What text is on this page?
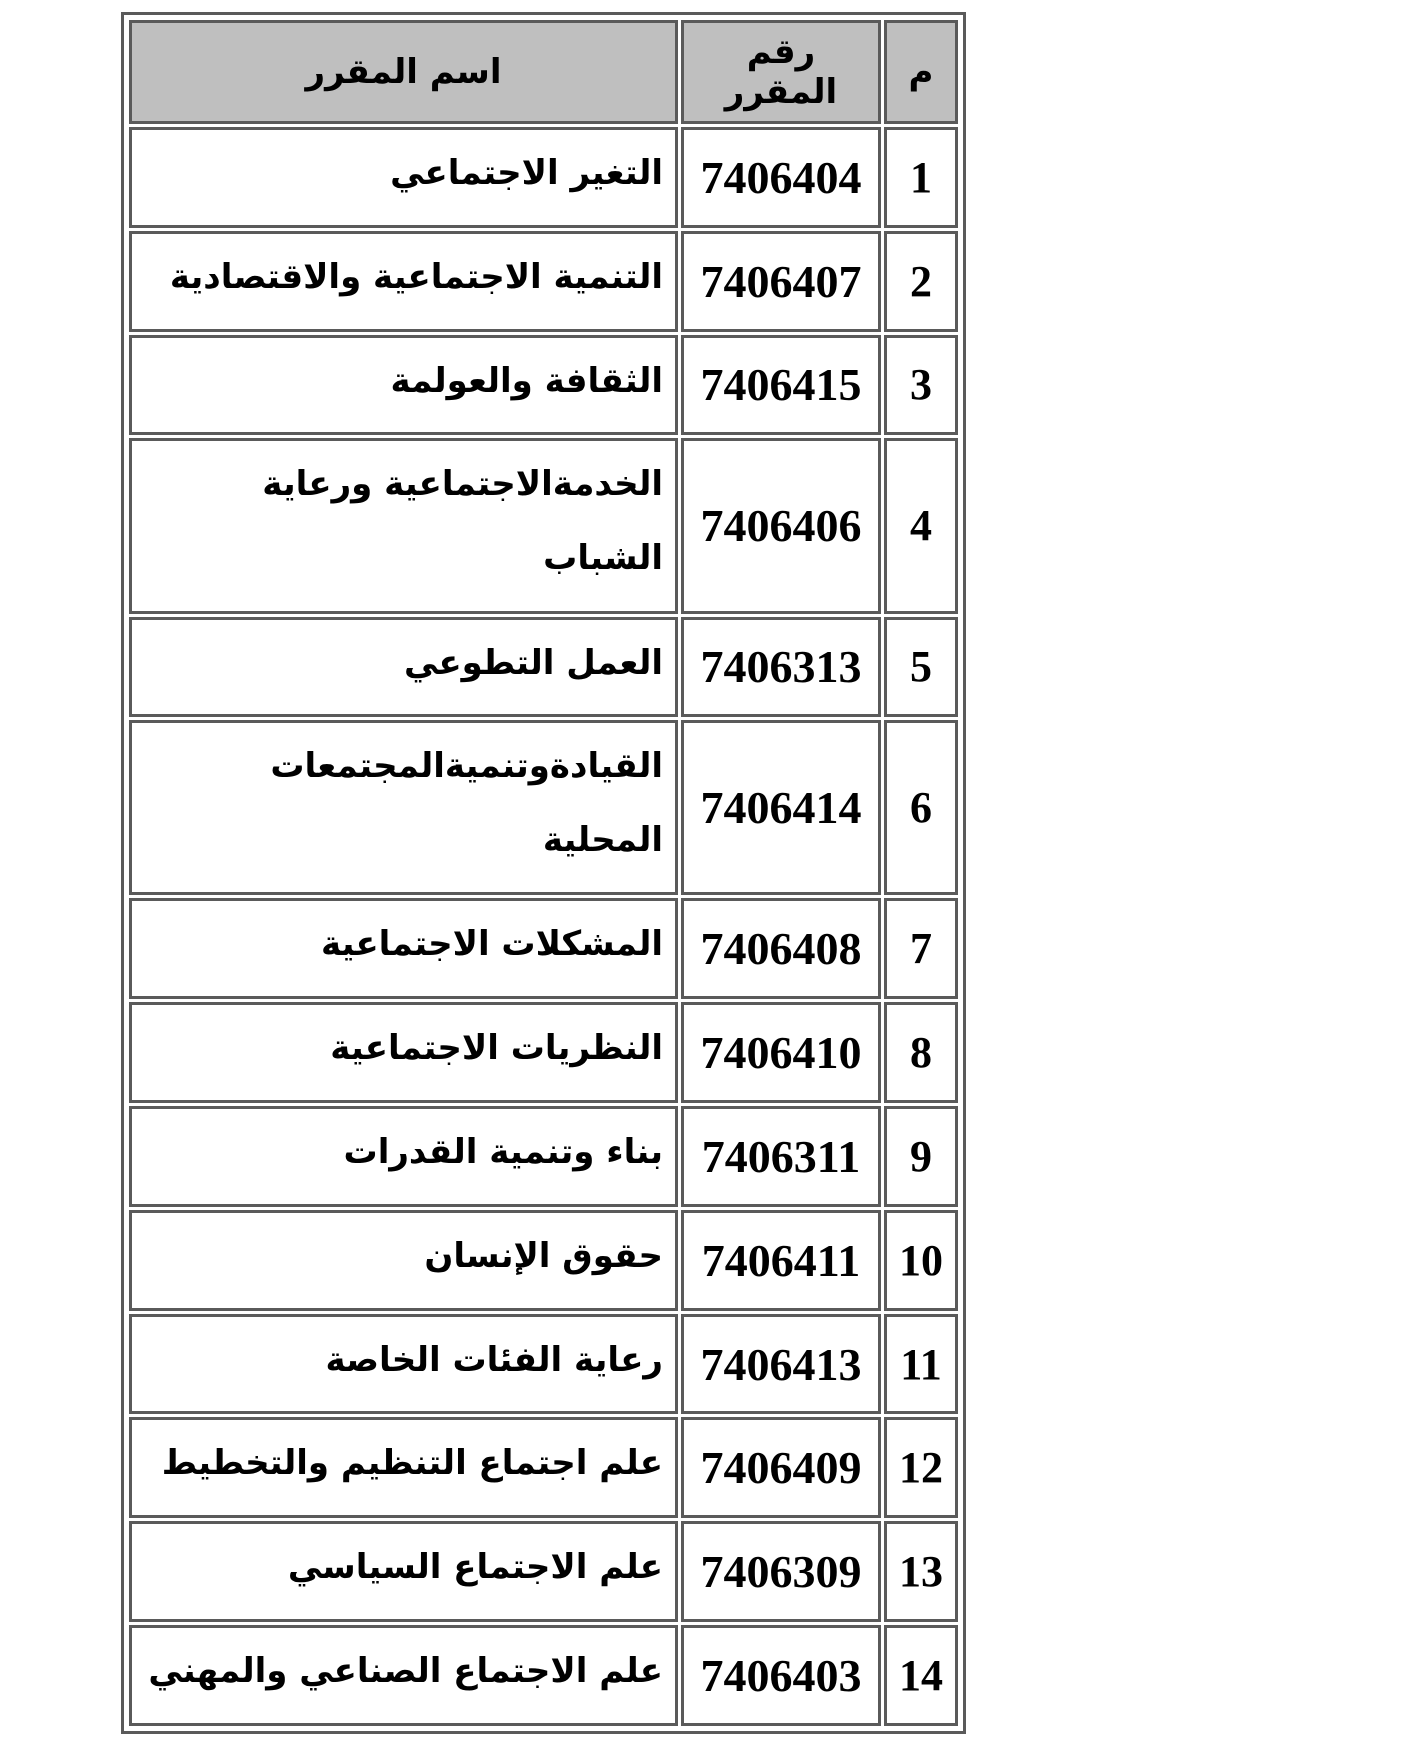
م	رقم المقرر	اسم المقرر
1	7406404	التغير الاجتماعي
2	7406407	التنمية الاجتماعية والاقتصادية
3	7406415	الثقافة والعولمة
4	7406406	الخدمةالاجتماعية ورعاية الشباب
5	7406313	العمل التطوعي
6	7406414	القيادةوتنميةالمجتمعات المحلية
7	7406408	المشكلات الاجتماعية
8	7406410	النظريات الاجتماعية
9	7406311	بناء وتنمية القدرات
10	7406411	حقوق الإنسان
11	7406413	رعاية الفئات الخاصة
12	7406409	علم اجتماع التنظيم والتخطيط
13	7406309	علم الاجتماع السياسي
14	7406403	علم الاجتماع الصناعي والمهني
